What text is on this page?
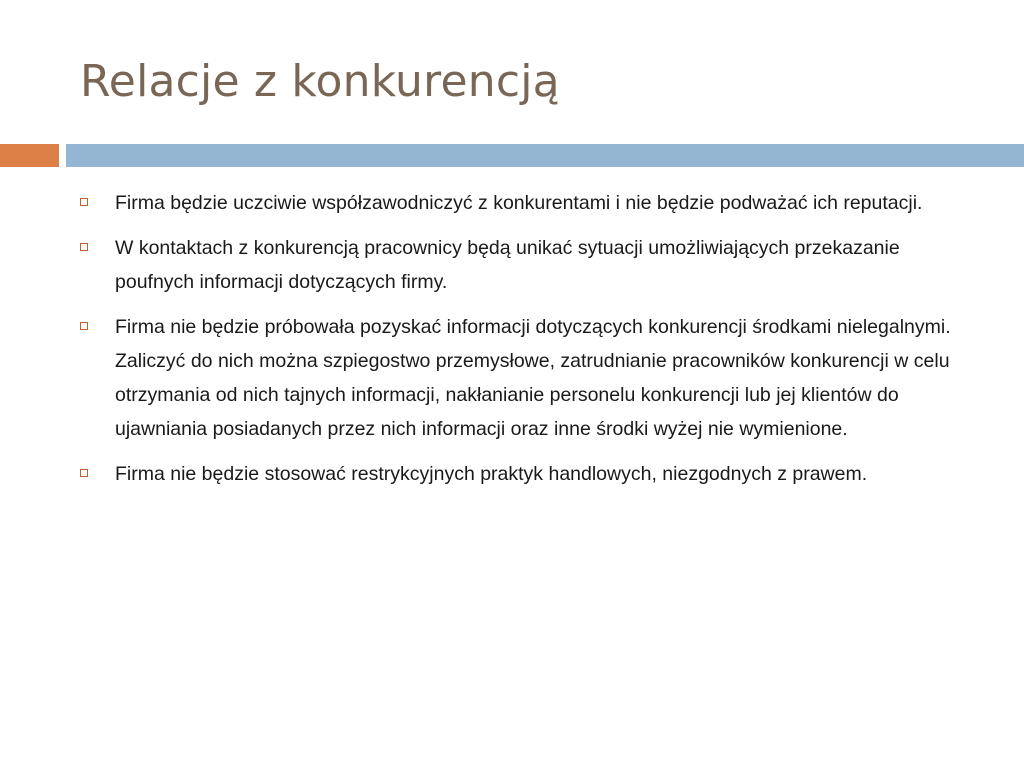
Relacje z konkurencją
Firma będzie uczciwie współzawodniczyć z konkurentami i nie będzie podważać ich reputacji.
W kontaktach z konkurencją pracownicy będą unikać sytuacji umożliwiających przekazanie poufnych informacji dotyczących firmy.
Firma nie będzie próbowała pozyskać informacji dotyczących konkurencji środkami nielegalnymi. Zaliczyć do nich można szpiegostwo przemysłowe, zatrudnianie pracowników konkurencji w celu otrzymania od nich tajnych informacji, nakłanianie personelu konkurencji lub jej klientów do ujawniania posiadanych przez nich informacji oraz inne środki wyżej nie wymienione.
Firma nie będzie stosować restrykcyjnych praktyk handlowych, niezgodnych z prawem.
